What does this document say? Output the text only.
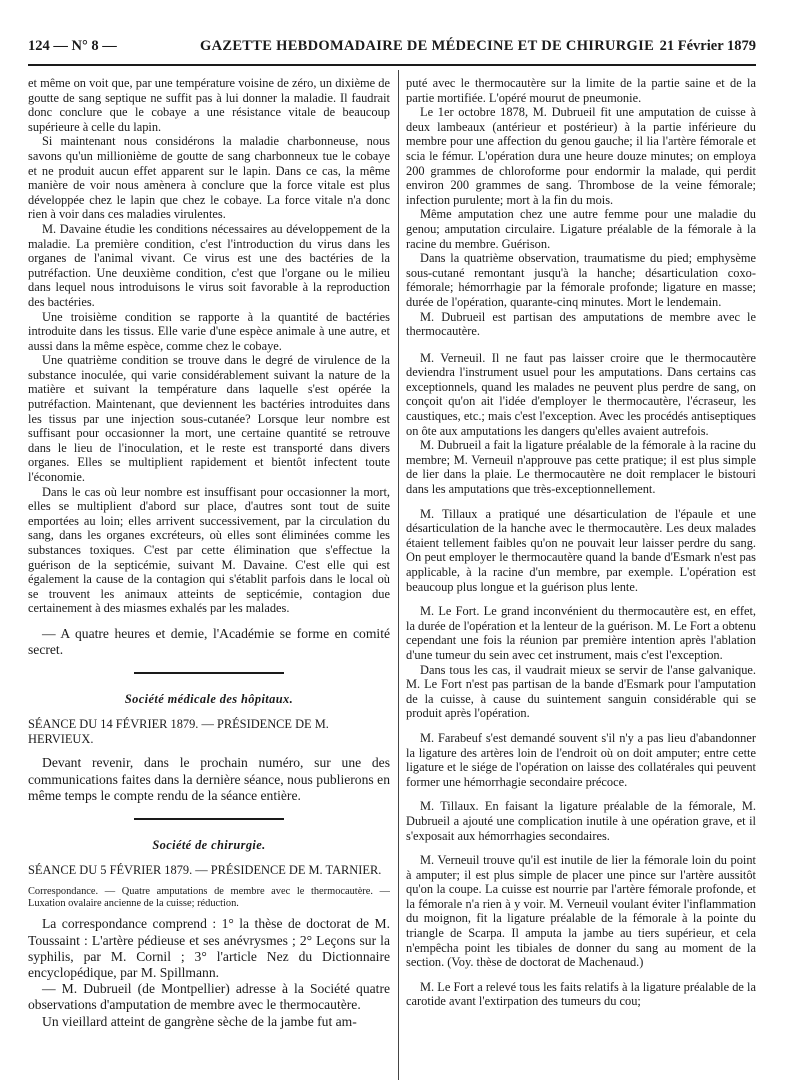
124 — N° 8 —	GAZETTE HEBDOMADAIRE DE MÉDECINE ET DE CHIRURGIE 21 Février 1879

et même on voit que, par une température voisine de zéro, un dixième de goutte de sang septique ne suffit pas à lui donner la maladie. Il faudrait donc conclure que le cobaye a une résistance vitale de beaucoup supérieure à celle du lapin.

Si maintenant nous considérons la maladie charbonneuse, nous savons qu'un millionième de goutte de sang charbonneux tue le cobaye et ne produit aucun effet apparent sur le lapin. Dans ce cas, la même manière de voir nous amènera à conclure que la force vitale est plus développée chez le lapin que chez le cobaye. La force vitale n'a donc rien à voir dans ces maladies virulentes.

M. Davaine étudie les conditions nécessaires au développement de la maladie. La première condition, c'est l'introduction du virus dans les organes de l'animal vivant. Ce virus est une des bactéries de la putréfaction. Une deuxième condition, c'est que l'organe ou le milieu dans lequel nous introduisons le virus soit favorable à la reproduction des bactéries.

Une troisième condition se rapporte à la quantité de bactéries introduite dans les tissus. Elle varie d'une espèce animale à une autre, et aussi dans la même espèce, comme chez le cobaye.

Une quatrième condition se trouve dans le degré de virulence de la substance inoculée, qui varie considérablement suivant la nature de la matière et suivant la température dans laquelle s'est opérée la putréfaction. Maintenant, que deviennent les bactéries introduites dans les tissus par une injection sous-cutanée? Lorsque leur nombre est suffisant pour occasionner la mort, une certaine quantité se retrouve dans le lieu de l'inoculation, et le reste est transporté dans divers organes. Elles se multiplient rapidement et bientôt infectent toute l'économie.

Dans le cas où leur nombre est insuffisant pour occasionner la mort, elles se multiplient d'abord sur place, d'autres sont tout de suite emportées au loin; elles arrivent successivement, par la circulation du sang, dans les organes excréteurs, où elles sont éliminées comme les substances toxiques. C'est par cette élimination que s'effectue la guérison de la septicémie, suivant M. Davaine. C'est elle qui est également la cause de la contagion qui s'établit parfois dans le local où se trouvent les animaux atteints de septicémie, contagion due certainement à des miasmes exhalés par les malades.

— A quatre heures et demie, l'Académie se forme en comité secret.

Société médicale des hôpitaux.

SÉANCE DU 14 FÉVRIER 1879. — PRÉSIDENCE DE M. HERVIEUX.

Devant revenir, dans le prochain numéro, sur une des communications faites dans la dernière séance, nous publierons en même temps le compte rendu de la séance entière.

Société de chirurgie.

SÉANCE DU 5 FÉVRIER 1879. — PRÉSIDENCE DE M. TARNIER.

Correspondance. — Quatre amputations de membre avec le thermocautère. — Luxation ovalaire ancienne de la cuisse; réduction.

La correspondance comprend : 1° la thèse de doctorat de M. Toussaint : L'artère pédieuse et ses anévrysmes ; 2° Leçons sur la syphilis, par M. Cornil ; 3° l'article Nez du Dictionnaire encyclopédique, par M. Spillmann.

— M. Dubrueil (de Montpellier) adresse à la Société quatre observations d'amputation de membre avec le thermocautère.

Un vieillard atteint de gangrène sèche de la jambe fut am-

puté avec le thermocautère sur la limite de la partie saine et de la partie mortifiée. L'opéré mourut de pneumonie.

Le 1er octobre 1878, M. Dubrueil fit une amputation de cuisse à deux lambeaux (antérieur et postérieur) à la partie inférieure du membre pour une affection du genou gauche; il lia l'artère fémorale et scia le fémur. L'opération dura une heure douze minutes; on employa 200 grammes de chloroforme pour endormir la malade, qui perdit environ 200 grammes de sang. Thrombose de la veine fémorale; infection purulente; mort à la fin du mois.

Même amputation chez une autre femme pour une maladie du genou; amputation circulaire. Ligature préalable de la fémorale à la racine du membre. Guérison.

Dans la quatrième observation, traumatisme du pied; emphysème sous-cutané remontant jusqu'à la hanche; désarticulation coxo-fémorale; hémorrhagie par la fémorale profonde; ligature en masse; durée de l'opération, quarante-cinq minutes. Mort le lendemain.

M. Dubrueil est partisan des amputations de membre avec le thermocautère.

M. Verneuil. Il ne faut pas laisser croire que le thermocautère deviendra l'instrument usuel pour les amputations. Dans certains cas exceptionnels, quand les malades ne peuvent plus perdre de sang, on conçoit qu'on ait l'idée d'employer le thermocautère, l'écraseur, les caustiques, etc.; mais c'est l'exception. Avec les procédés antiseptiques on ôte aux amputations les dangers qu'elles avaient autrefois.

M. Dubrueil a fait la ligature préalable de la fémorale à la racine du membre; M. Verneuil n'approuve pas cette pratique; il est plus simple de lier dans la plaie. Le thermocautère ne doit remplacer le bistouri dans les amputations que très-exceptionnellement.

M. Tillaux a pratiqué une désarticulation de l'épaule et une désarticulation de la hanche avec le thermocautère. Les deux malades étaient tellement faibles qu'on ne pouvait leur laisser perdre du sang. On peut employer le thermocautère quand la bande d'Esmark n'est pas applicable, à la racine d'un membre, par exemple. L'opération est beaucoup plus longue et la guérison plus lente.

M. Le Fort. Le grand inconvénient du thermocautère est, en effet, la durée de l'opération et la lenteur de la guérison. M. Le Fort a obtenu cependant une fois la réunion par première intention après l'ablation d'une tumeur du sein avec cet instrument, mais c'est l'exception.

Dans tous les cas, il vaudrait mieux se servir de l'anse galvanique. M. Le Fort n'est pas partisan de la bande d'Esmark pour l'amputation de la cuisse, à cause du suintement sanguin considérable qui se produit après l'opération.

M. Farabeuf s'est demandé souvent s'il n'y a pas lieu d'abandonner la ligature des artères loin de l'endroit où on doit amputer; entre cette ligature et le siége de l'opération on laisse des collatérales qui peuvent former une hémorrhagie secondaire précoce.

M. Tillaux. En faisant la ligature préalable de la fémorale, M. Dubrueil a ajouté une complication inutile à une opération grave, et il s'exposait aux hémorrhagies secondaires.

M. Verneuil trouve qu'il est inutile de lier la fémorale loin du point à amputer; il est plus simple de placer une pince sur l'artère aussitôt qu'on la coupe. La cuisse est nourrie par l'artère fémorale profonde, et la fémorale n'a rien à y voir. M. Verneuil voulant éviter l'inflammation du moignon, fit la ligature préalable de la fémorale à la pointe du triangle de Scarpa. Il amputa la jambe au tiers supérieur, et cela n'empêcha point les tibiales de donner du sang au moment de la section. (Voy. thèse de doctorat de Machenaud.)

M. Le Fort a relevé tous les faits relatifs à la ligature préalable de la carotide avant l'extirpation des tumeurs du cou;
